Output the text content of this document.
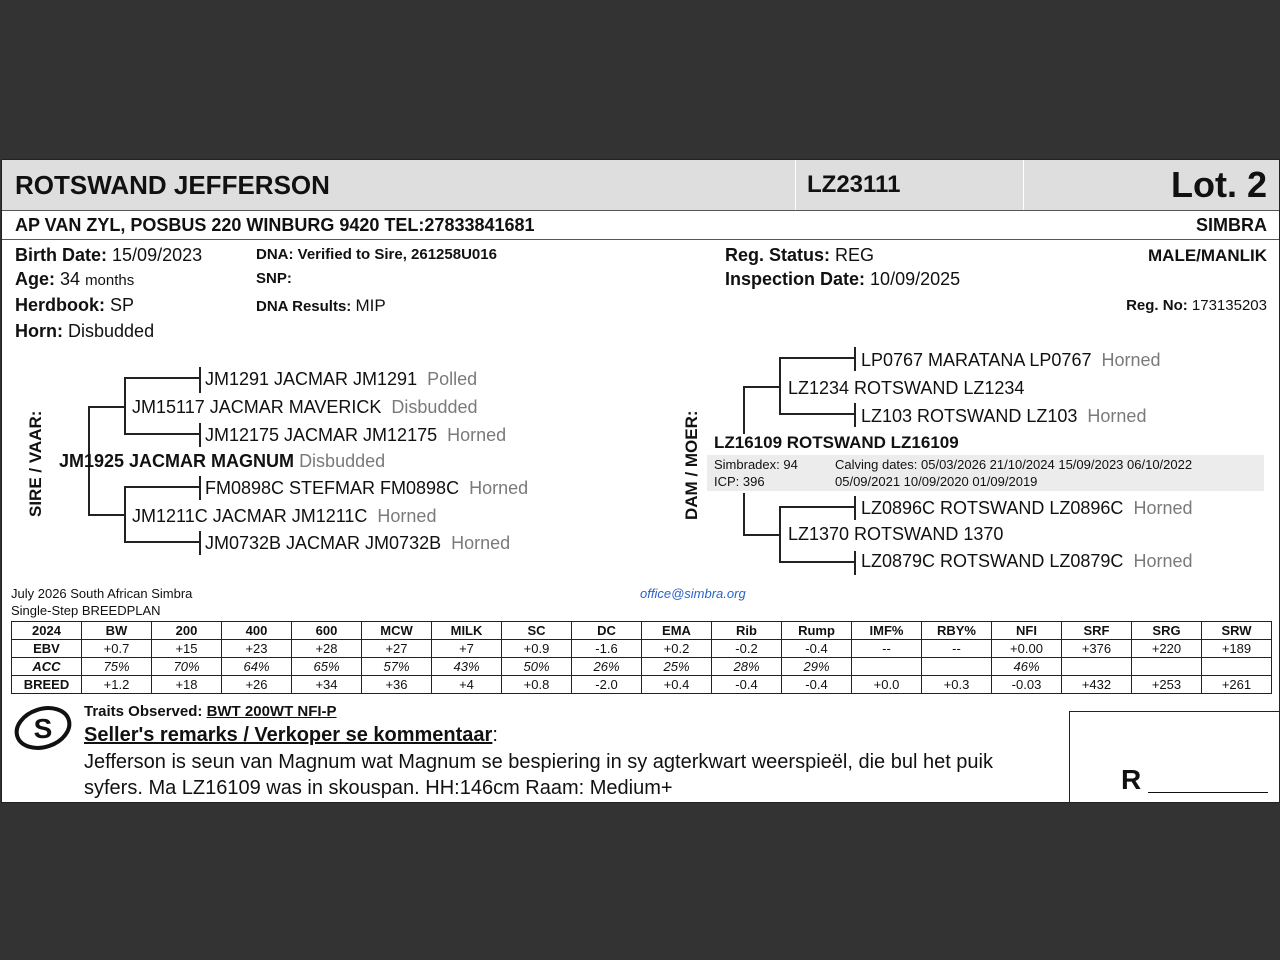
ROTSWAND JEFFERSON	LZ23111	Lot. 2
AP VAN ZYL, POSBUS 220 WINBURG 9420 TEL:27833841681	SIMBRA
Birth Date: 15/09/2023
Age: 34 months
Herdbook: SP
Horn: Disbudded
DNA: Verified to Sire, 261258U016
SNP:
DNA Results: MIP
Reg. Status: REG
Inspection Date: 10/09/2025
MALE/MANLIK
Reg. No: 173135203
SIRE / VAAR:
JM1291 JACMAR JM1291 Polled
JM15117 JACMAR MAVERICK Disbudded
JM12175 JACMAR JM12175 Horned
JM1925 JACMAR MAGNUM Disbudded
FM0898C STEFMAR FM0898C Horned
JM1211C JACMAR JM1211C Horned
JM0732B JACMAR JM0732B Horned
DAM / MOER:
LP0767 MARATANA LP0767 Horned
LZ1234 ROTSWAND LZ1234
LZ103 ROTSWAND LZ103 Horned
LZ16109 ROTSWAND LZ16109
Simbradex: 94
ICP: 396
Calving dates: 05/03/2026 21/10/2024 15/09/2023 06/10/2022
05/09/2021 10/09/2020 01/09/2019
LZ0896C ROTSWAND LZ0896C Horned
LZ1370 ROTSWAND 1370
LZ0879C ROTSWAND LZ0879C Horned
July 2026 South African Simbra
Single-Step BREEDPLAN
office@simbra.org
2024	BW	200	400	600	MCW	MILK	SC	DC	EMA	Rib	Rump	IMF%	RBY%	NFI	SRF	SRG	SRW
EBV	+0.7	+15	+23	+28	+27	+7	+0.9	-1.6	+0.2	-0.2	-0.4	--	--	+0.00	+376	+220	+189
ACC	75%	70%	64%	65%	57%	43%	50%	26%	25%	28%	29%			46%			
BREED	+1.2	+18	+26	+34	+36	+4	+0.8	-2.0	+0.4	-0.4	-0.4	+0.0	+0.3	-0.03	+432	+253	+261
S
Traits Observed: BWT 200WT NFI-P
Seller's remarks / Verkoper se kommentaar:
Jefferson is seun van Magnum wat Magnum se bespiering in sy agterkwart weerspieël, die bul het puik
syfers. Ma LZ16109 was in skouspan. HH:146cm Raam: Medium+	R
